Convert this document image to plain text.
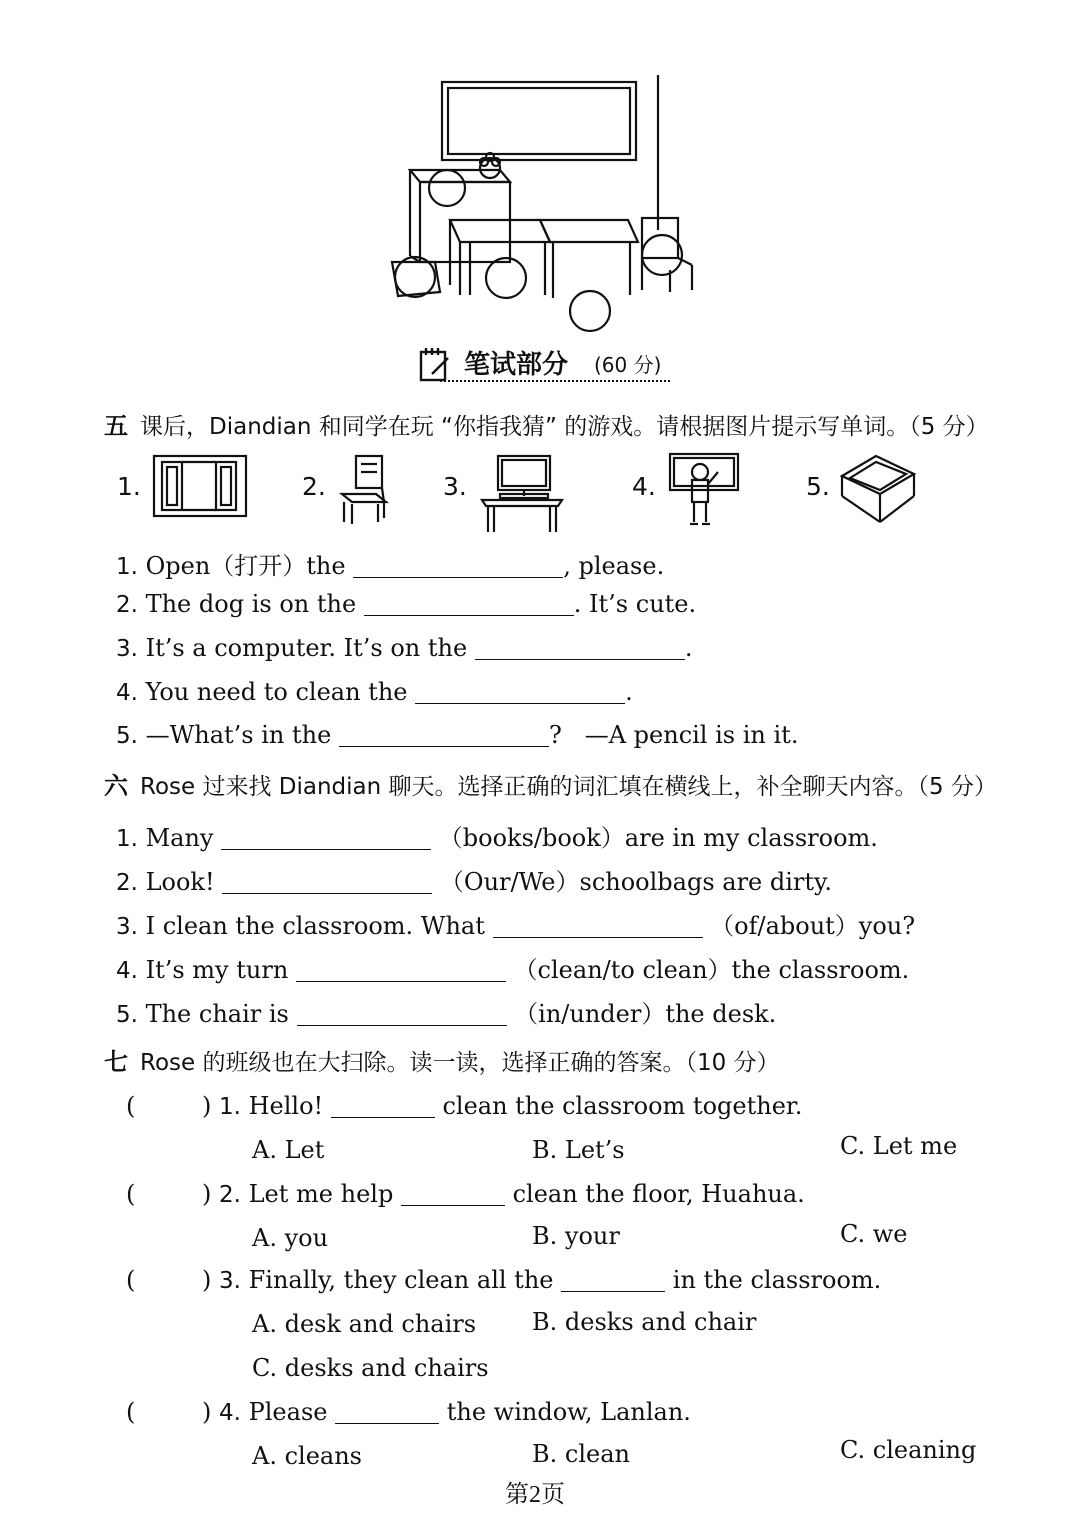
笔试部分 (60 分)
五 课后，Diandian 和同学在玩 “你指我猜” 的游戏。请根据图片提示写单词。（5 分）
1.	2.	3.	4.	5.
1. Open（打开）the	, please.
2. The dog is on the	. It’s cute.
3. It’s a computer. It’s on the	.
4. You need to clean the	.
5. —What’s in the	?   —A pencil is in it.
六 Rose 过来找 Diandian 聊天。选择正确的词汇填在横线上，补全聊天内容。（5 分）
1. Many	（books/book）are in my classroom.
2. Look!	（Our/We）schoolbags are dirty.
3. I clean the classroom. What	（of/about）you?
4. It’s my turn	（clean/to clean）the classroom.
5. The chair is	（in/under）the desk.
七 Rose 的班级也在大扫除。读一读，选择正确的答案。（10 分）
(	) 1. Hello!	clean the classroom together.
A. Let	B. Let’s	C. Let me
(	) 2. Let me help	clean the floor, Huahua.
A. you	B. your	C. we
(	) 3. Finally, they clean all the	in the classroom.
A. desk and chairs B. desks and chair
C. desks and chairs
(	) 4. Please	the window, Lanlan.
A. cleans	B. clean	C. cleaning
第2页
